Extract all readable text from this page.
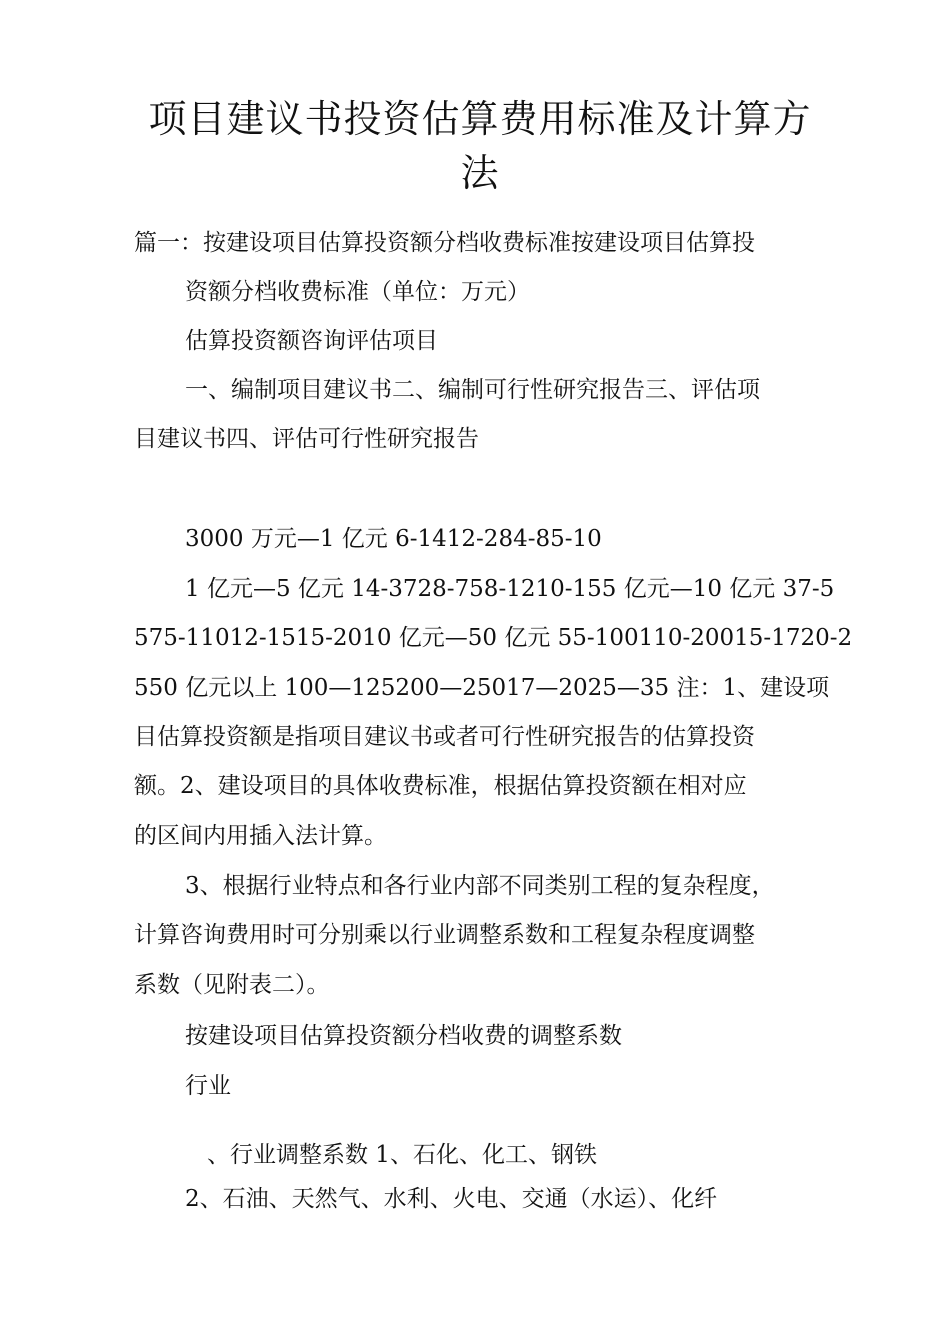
项目建议书投资估算费用标准及计算方
法

篇一：按建设项目估算投资额分档收费标准按建设项目估算投

资额分档收费标准（单位：万元）

估算投资额咨询评估项目

一、编制项目建议书二、编制可行性研究报告三、评估项

目建议书四、评估可行性研究报告

3000 万元—1 亿元 6-1412-284-85-10

1 亿元—5 亿元 14-3728-758-1210-155 亿元—10 亿元 37-5

575-11012-1515-2010 亿元—50 亿元 55-100110-20015-1720-2

550 亿元以上 100—125200—25017—2025—35 注：1、建设项

目估算投资额是指项目建议书或者可行性研究报告的估算投资

额。2、建设项目的具体收费标准，根据估算投资额在相对应

的区间内用插入法计算。

3、根据行业特点和各行业内部不同类别工程的复杂程度，

计算咨询费用时可分别乘以行业调整系数和工程复杂程度调整

系数（见附表二）。

按建设项目估算投资额分档收费的调整系数

行业

、行业调整系数 1、石化、化工、钢铁

2、石油、天然气、水利、火电、交通（水运）、化纤
